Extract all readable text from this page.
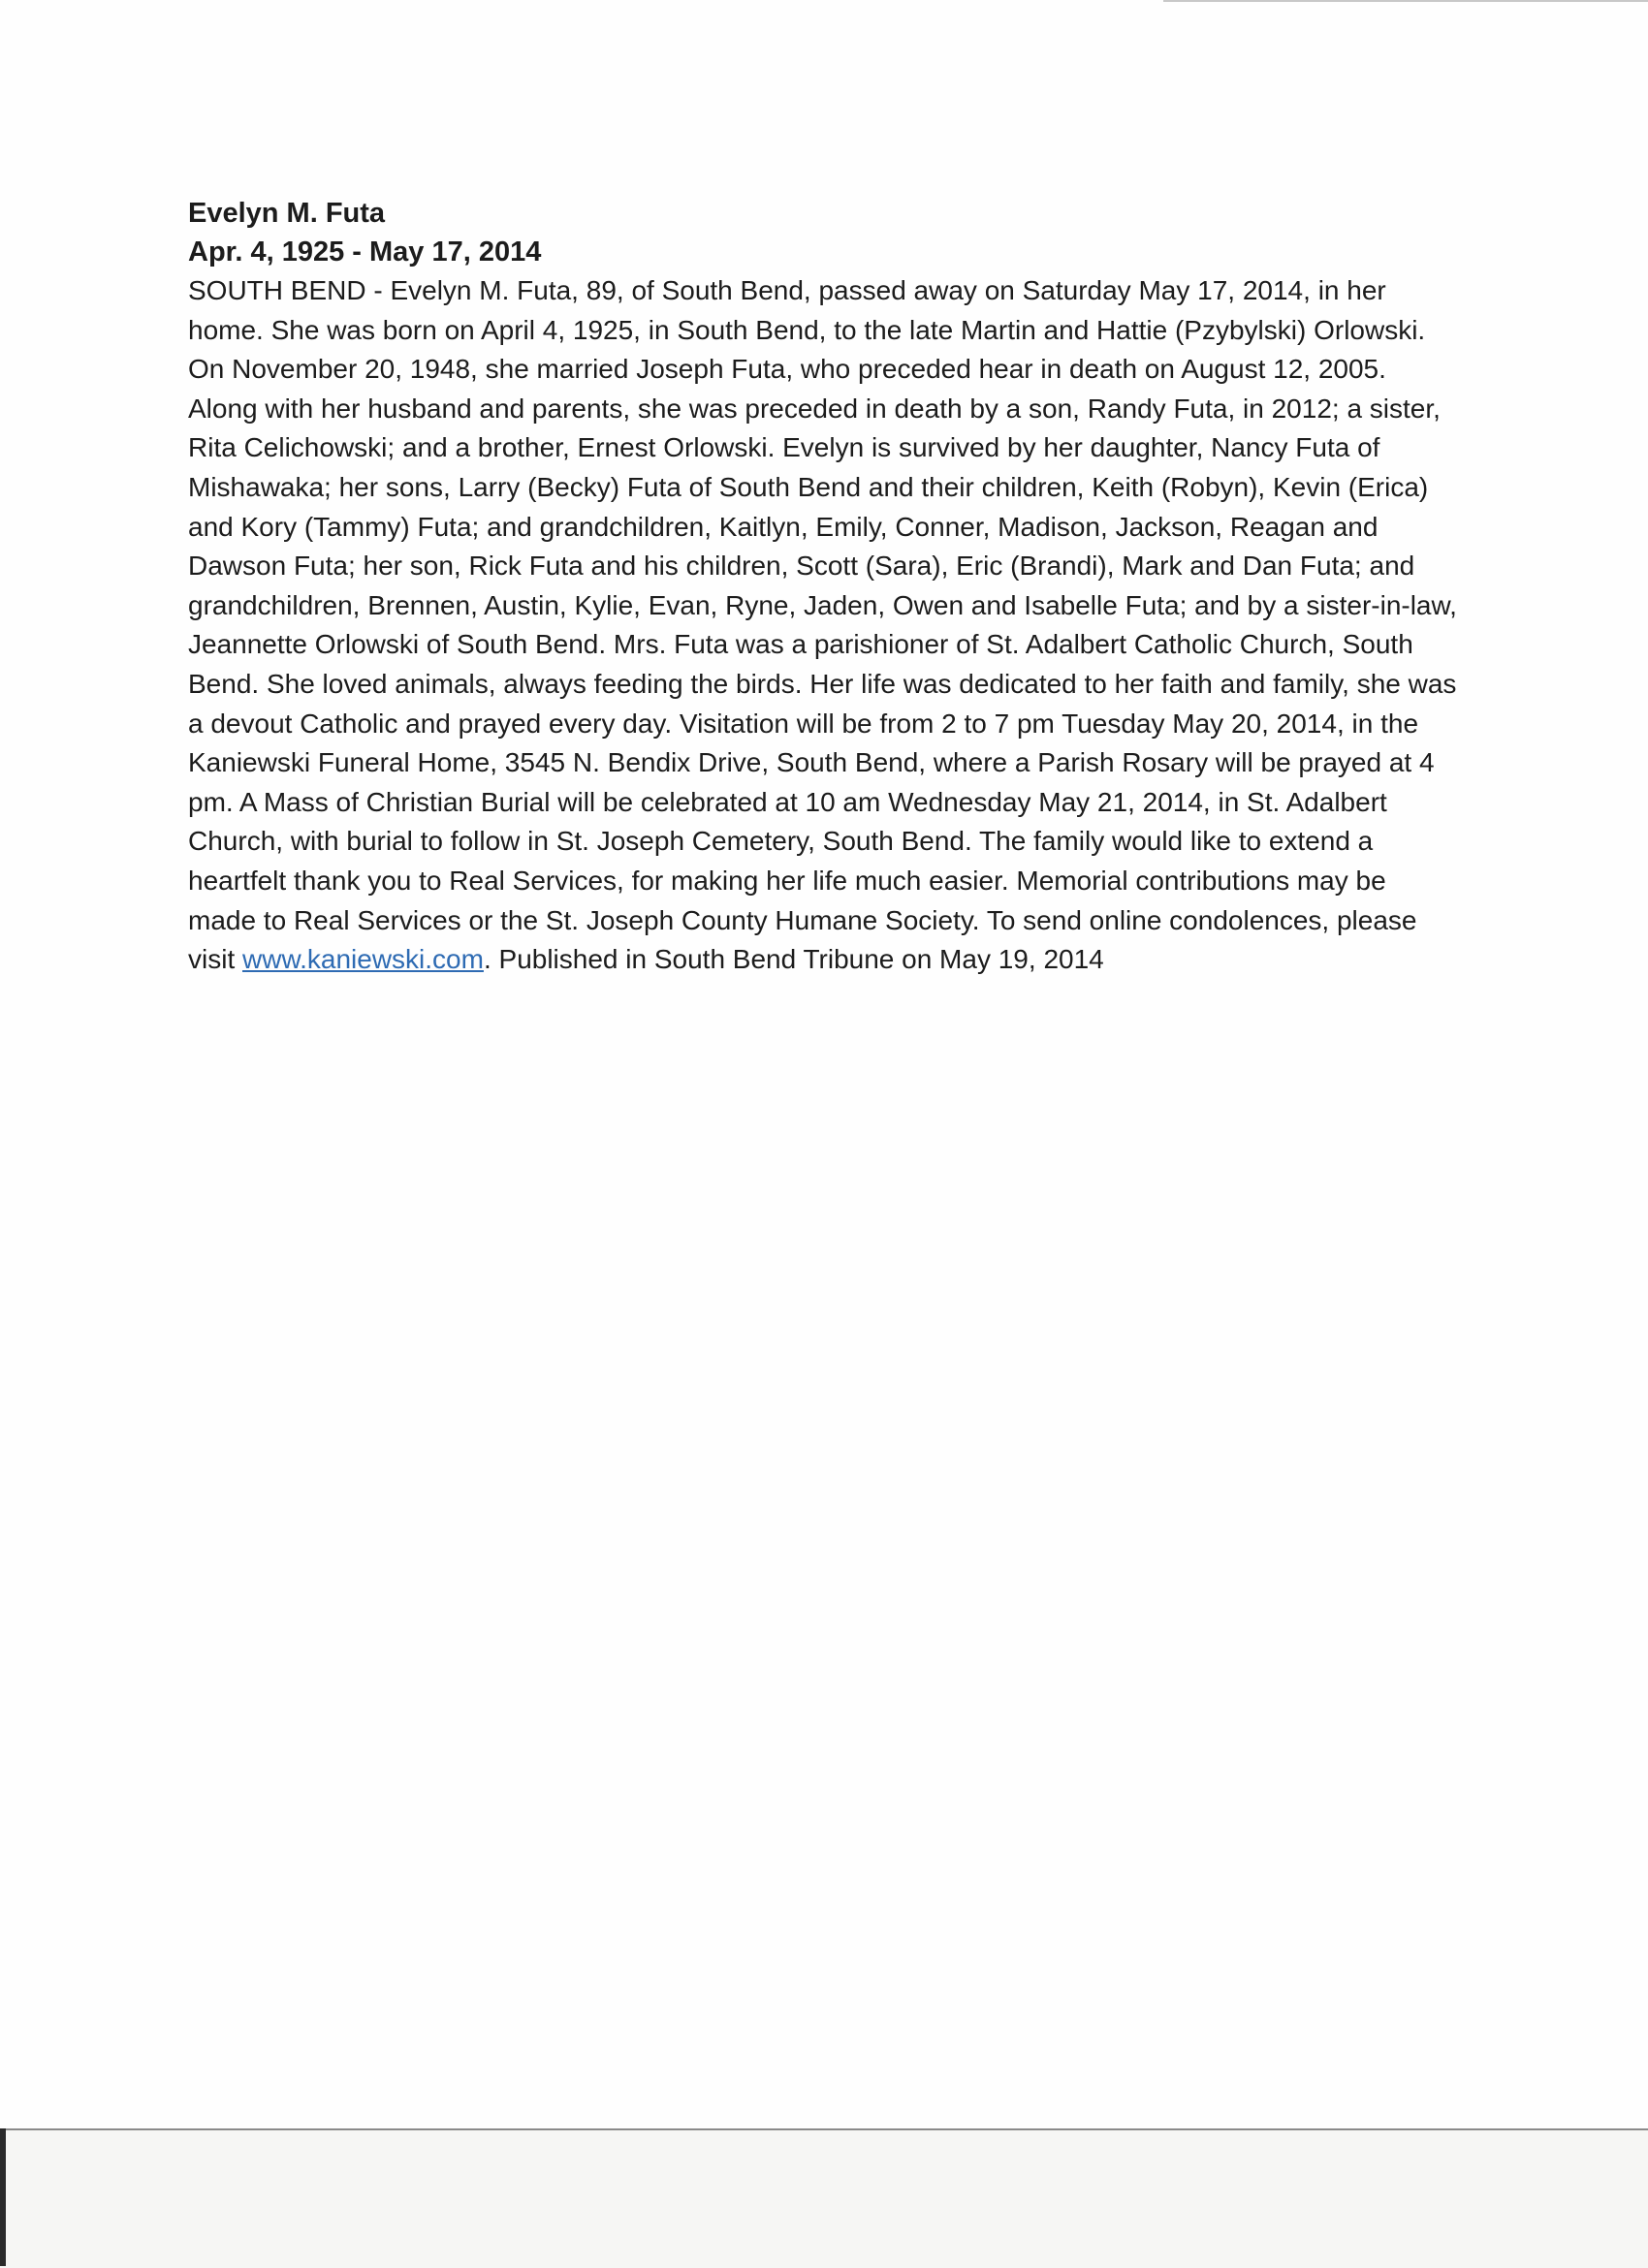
Evelyn M. Futa

Apr. 4, 1925 - May 17, 2014

SOUTH BEND - Evelyn M. Futa, 89, of South Bend, passed away on Saturday May 17, 2014, in her home. She was born on April 4, 1925, in South Bend, to the late Martin and Hattie (Pzybylski) Orlowski. On November 20, 1948, she married Joseph Futa, who preceded hear in death on August 12, 2005. Along with her husband and parents, she was preceded in death by a son, Randy Futa, in 2012; a sister, Rita Celichowski; and a brother, Ernest Orlowski. Evelyn is survived by her daughter, Nancy Futa of Mishawaka; her sons, Larry (Becky) Futa of South Bend and their children, Keith (Robyn), Kevin (Erica) and Kory (Tammy) Futa; and grandchildren, Kaitlyn, Emily, Conner, Madison, Jackson, Reagan and Dawson Futa; her son, Rick Futa and his children, Scott (Sara), Eric (Brandi), Mark and Dan Futa; and grandchildren, Brennen, Austin, Kylie, Evan, Ryne, Jaden, Owen and Isabelle Futa; and by a sister-in-law, Jeannette Orlowski of South Bend. Mrs. Futa was a parishioner of St. Adalbert Catholic Church, South Bend. She loved animals, always feeding the birds. Her life was dedicated to her faith and family, she was a devout Catholic and prayed every day. Visitation will be from 2 to 7 pm Tuesday May 20, 2014, in the Kaniewski Funeral Home, 3545 N. Bendix Drive, South Bend, where a Parish Rosary will be prayed at 4 pm. A Mass of Christian Burial will be celebrated at 10 am Wednesday May 21, 2014, in St. Adalbert Church, with burial to follow in St. Joseph Cemetery, South Bend. The family would like to extend a heartfelt thank you to Real Services, for making her life much easier. Memorial contributions may be made to Real Services or the St. Joseph County Humane Society. To send online condolences, please visit www.kaniewski.com. Published in South Bend Tribune on May 19, 2014
